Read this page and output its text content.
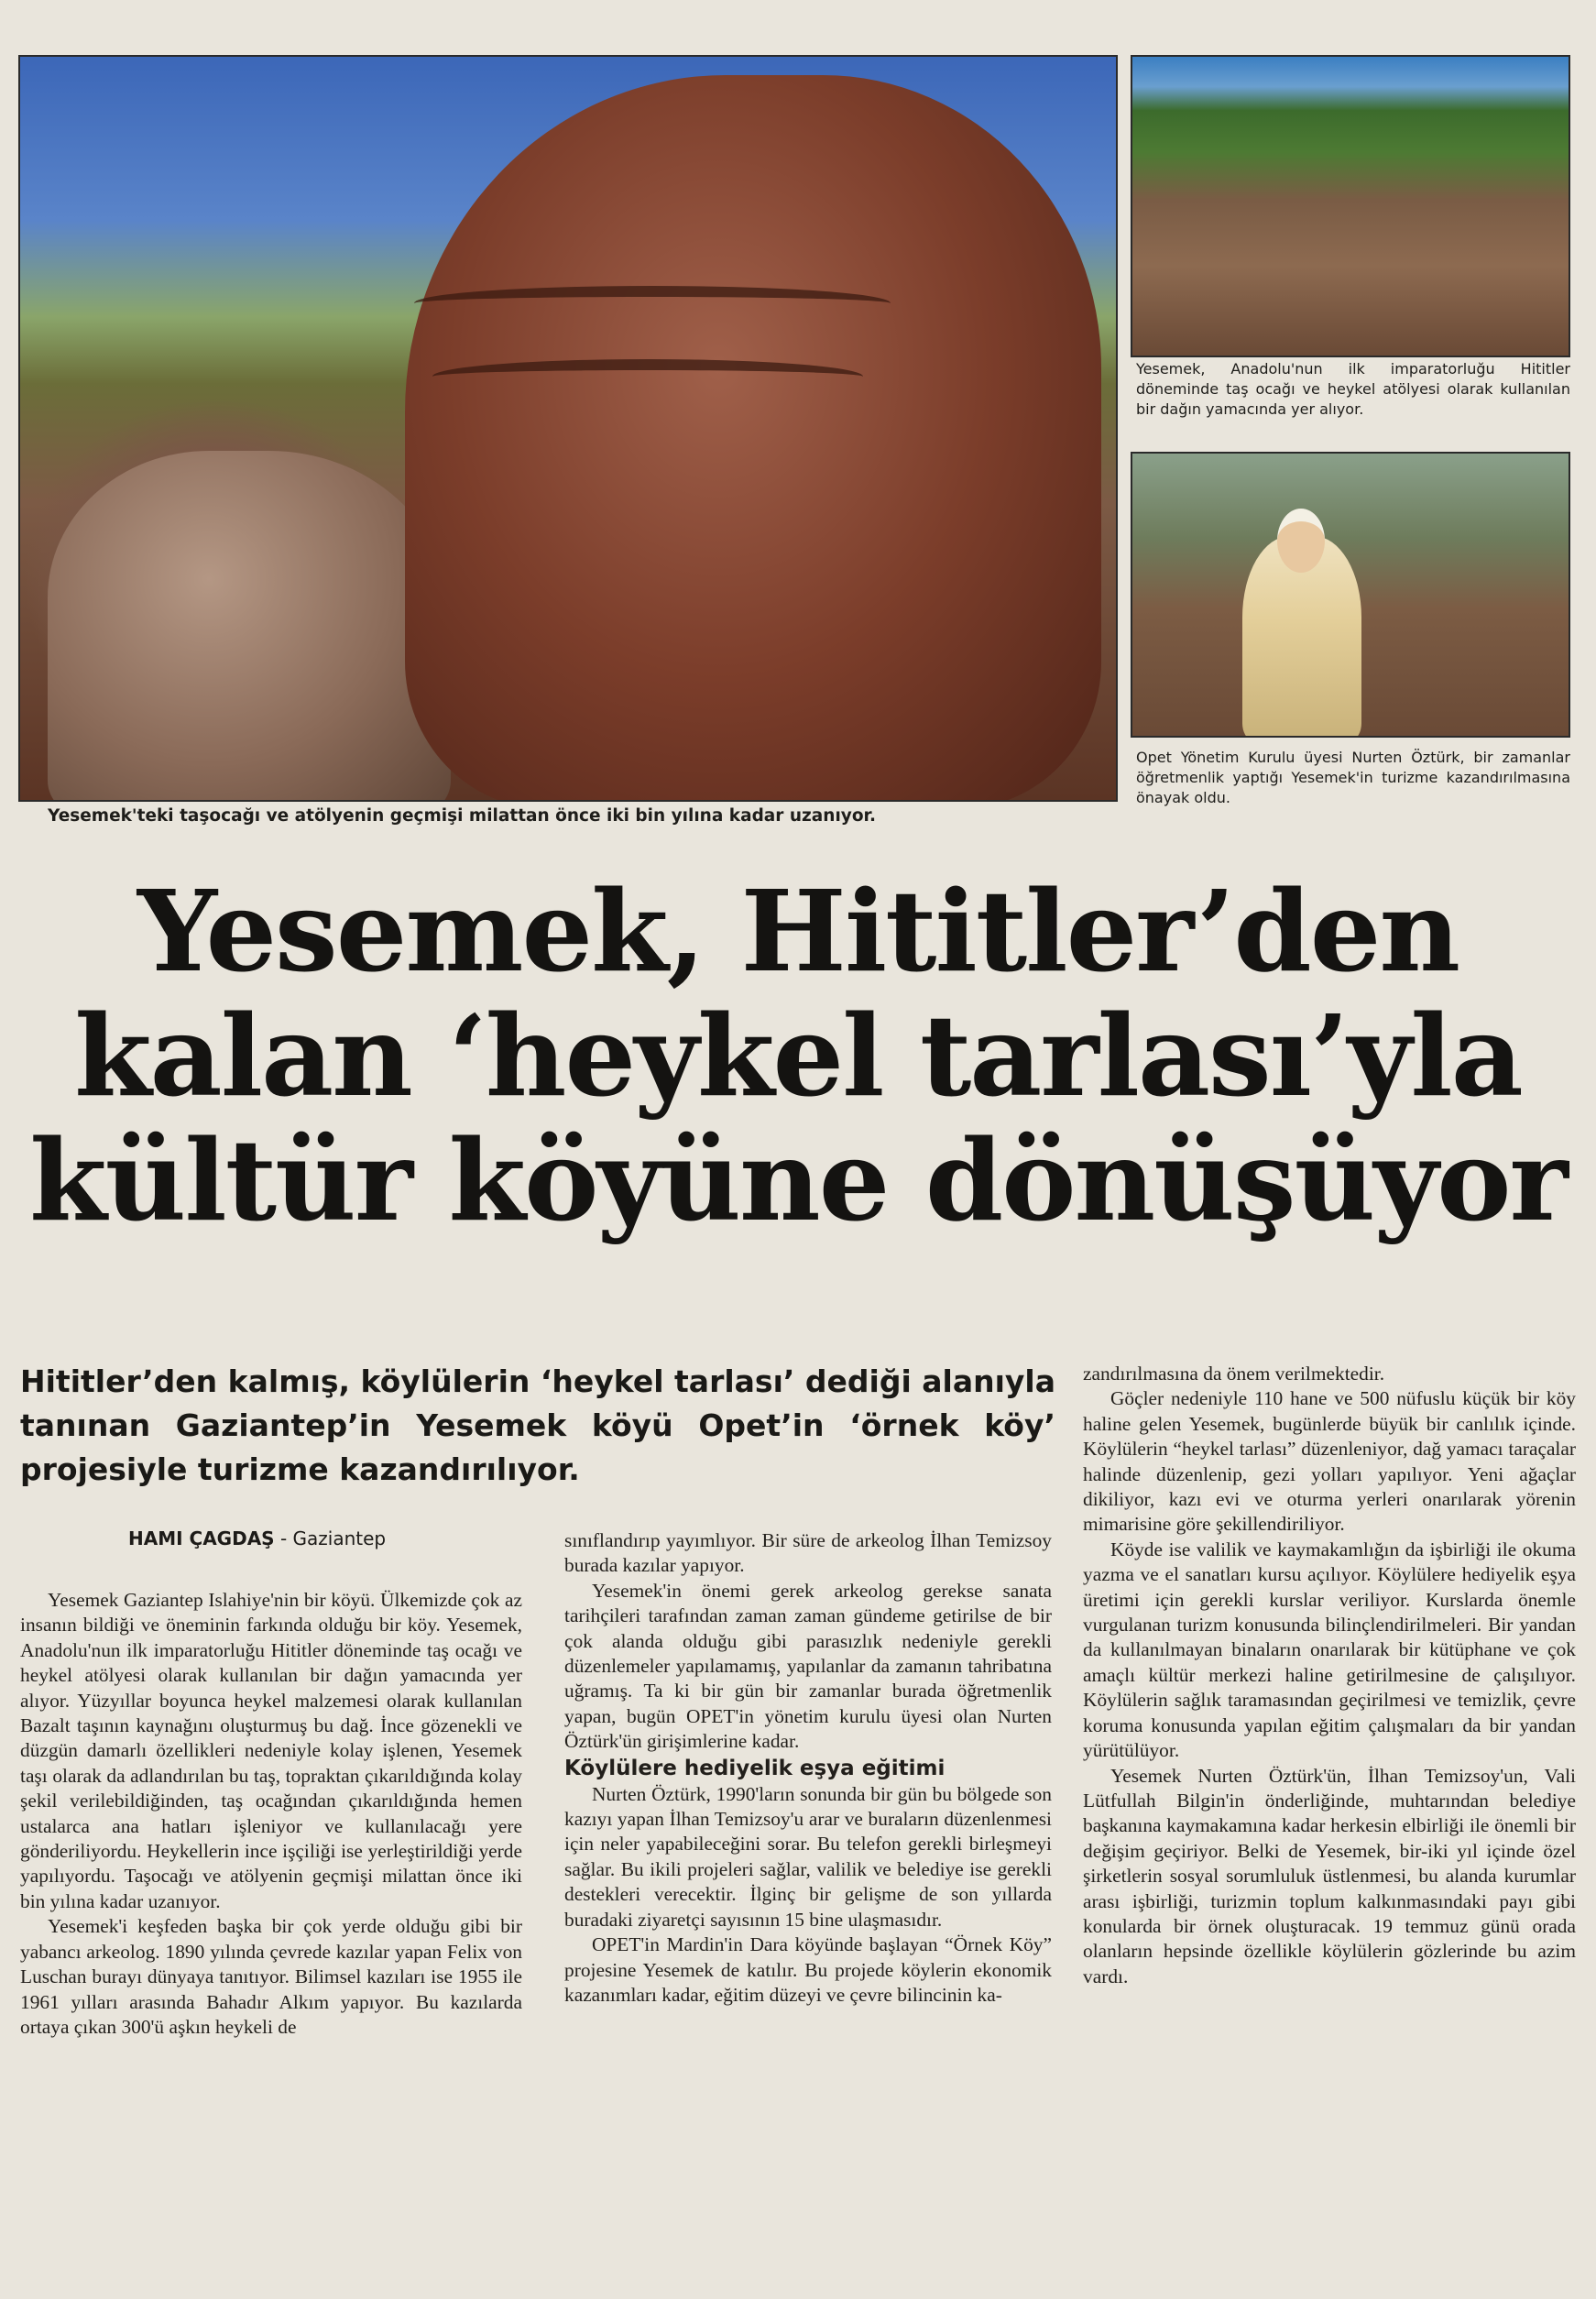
Yesemek'teki taşocağı ve atölyenin geçmişi milattan önce iki bin yılına kadar uzanıyor.
Yesemek, Anadolu'nun ilk imparatorluğu Hititler döneminde taş ocağı ve heykel atölyesi olarak kullanılan bir dağın yamacında yer alıyor.
Opet Yönetim Kurulu üyesi Nurten Öztürk, bir zamanlar öğretmenlik yaptığı Yesemek'in turizme kazandırılmasına önayak oldu.
Yesemek, Hititler’den
kalan ‘heykel tarlası’yla
kültür köyüne dönüşüyor
Hititler’den kalmış, köylülerin ‘heykel tarlası’ dediği alanıyla tanınan Gaziantep’in Yesemek köyü Opet’in ‘örnek köy’ projesiyle turizme kazandırılıyor.
HAMI ÇAGDAŞ - Gaziantep

Yesemek Gaziantep Islahiye'nin bir köyü. Ülkemizde çok az insanın bildiği ve öneminin farkında olduğu bir köy. Yesemek, Anadolu'nun ilk imparatorluğu Hititler döneminde taş ocağı ve heykel atölyesi olarak kullanılan bir dağın yamacında yer alıyor. Yüzyıllar boyunca heykel malzemesi olarak kullanılan Bazalt taşının kaynağını oluşturmuş bu dağ. İnce gözenekli ve düzgün damarlı özellikleri nedeniyle kolay işlenen, Yesemek taşı olarak da adlandırılan bu taş, topraktan çıkarıldığında kolay şekil verilebildiğinden, taş ocağından çıkarıldığında hemen ustalarca ana hatları işleniyor ve kullanılacağı yere gönderiliyordu. Heykellerin ince işçiliği ise yerleştirildiği yerde yapılıyordu. Taşocağı ve atölyenin geçmişi milattan önce iki bin yılına kadar uzanıyor.

Yesemek'i keşfeden başka bir çok yerde olduğu gibi bir yabancı arkeolog. 1890 yılında çevrede kazılar yapan Felix von Luschan burayı dünyaya tanıtıyor. Bilimsel kazıları ise 1955 ile 1961 yılları arasında Bahadır Alkım yapıyor. Bu kazılarda ortaya çıkan 300'ü aşkın heykeli de

sınıflandırıp yayımlıyor. Bir süre de arkeolog İlhan Temizsoy burada kazılar yapıyor.

Yesemek'in önemi gerek arkeolog gerekse sanata tarihçileri tarafından zaman zaman gündeme getirilse de bir çok alanda olduğu gibi parasızlık nedeniyle gerekli düzenlemeler yapılamamış, yapılanlar da zamanın tahribatına uğramış. Ta ki bir gün bir zamanlar burada öğretmenlik yapan, bugün OPET'in yönetim kurulu üyesi olan Nurten Öztürk'ün girişimlerine kadar.

Köylülere hediyelik eşya eğitimi

Nurten Öztürk, 1990'ların sonunda bir gün bu bölgede son kazıyı yapan İlhan Temizsoy'u arar ve buraların düzenlenmesi için neler yapabileceğini sorar. Bu telefon gerekli birleşmeyi sağlar. Bu ikili projeleri sağlar, valilik ve belediye ise gerekli destekleri verecektir. İlginç bir gelişme de son yıllarda buradaki ziyaretçi sayısının 15 bine ulaşmasıdır.

OPET'in Mardin'in Dara köyünde başlayan “Örnek Köy” projesine Yesemek de katılır. Bu projede köylerin ekonomik kazanımları kadar, eğitim düzeyi ve çevre bilincinin ka-

zandırılmasına da önem verilmektedir.

Göçler nedeniyle 110 hane ve 500 nüfuslu küçük bir köy haline gelen Yesemek, bugünlerde büyük bir canlılık içinde. Köylülerin “heykel tarlası” düzenleniyor, dağ yamacı taraçalar halinde düzenlenip, gezi yolları yapılıyor. Yeni ağaçlar dikiliyor, kazı evi ve oturma yerleri onarılarak yörenin mimarisine göre şekillendiriliyor.

Köyde ise valilik ve kaymakamlığın da işbirliği ile okuma yazma ve el sanatları kursu açılıyor. Köylülere hediyelik eşya üretimi için gerekli kurslar veriliyor. Kurslarda önemle vurgulanan turizm konusunda bilinçlendirilmeleri. Bir yandan da kullanılmayan binaların onarılarak bir kütüphane ve çok amaçlı kültür merkezi haline getirilmesine de çalışılıyor. Köylülerin sağlık taramasından geçirilmesi ve temizlik, çevre koruma konusunda yapılan eğitim çalışmaları da bir yandan yürütülüyor.

Yesemek Nurten Öztürk'ün, İlhan Temizsoy'un, Vali Lütfullah Bilgin'in önderliğinde, muhtarından belediye başkanına kaymakamına kadar herkesin elbirliği ile önemli bir değişim geçiriyor. Belki de Yesemek, bir-iki yıl içinde özel şirketlerin sosyal sorumluluk üstlenmesi, bu alanda kurumlar arası işbirliği, turizmin toplum kalkınmasındaki payı gibi konularda bir örnek oluşturacak. 19 temmuz günü orada olanların hepsinde özellikle köylülerin gözlerinde bu azim vardı.
